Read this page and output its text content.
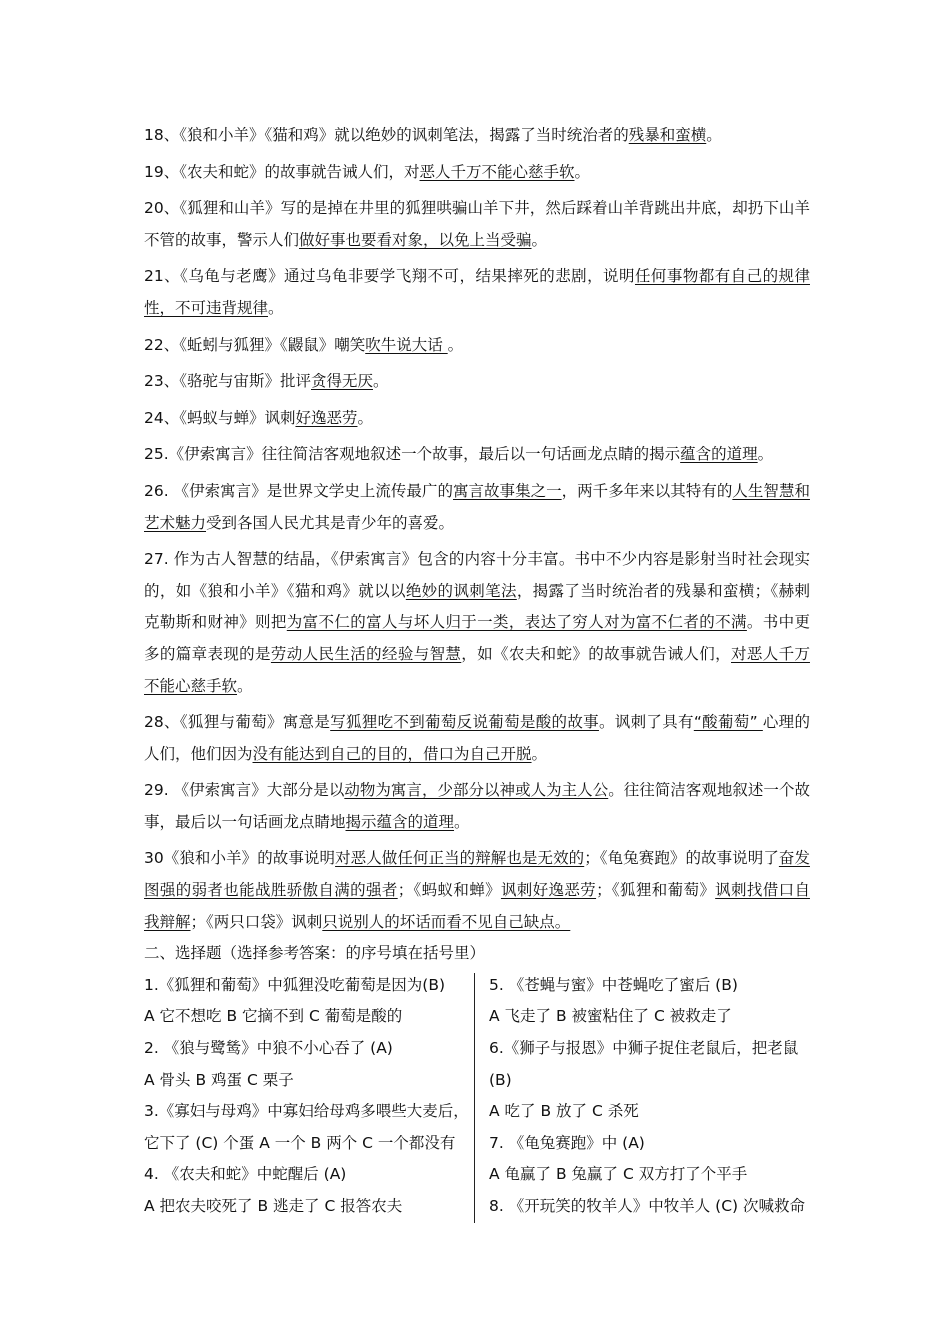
18、《狼和小羊》《猫和鸡》就以绝妙的讽刺笔法，揭露了当时统治者的残暴和蛮横。

19、《农夫和蛇》的故事就告诫人们，对恶人千万不能心慈手软。

20、《狐狸和山羊》写的是掉在井里的狐狸哄骗山羊下井，然后踩着山羊背跳出井底，却扔下山羊不管的故事，警示人们做好事也要看对象，以免上当受骗。

21、《乌龟与老鹰》通过乌龟非要学飞翔不可，结果摔死的悲剧，说明任何事物都有自己的规律性，不可违背规律。

22、《蚯蚓与狐狸》《鼹鼠》嘲笑吹牛说大话 。

23、《骆驼与宙斯》批评贪得无厌。

24、《蚂蚁与蝉》讽刺好逸恶劳。

25.《伊索寓言》往往简洁客观地叙述一个故事，最后以一句话画龙点睛的揭示蕴含的道理。

26. 《伊索寓言》是世界文学史上流传最广的寓言故事集之一，两千多年来以其特有的人生智慧和艺术魅力受到各国人民尤其是青少年的喜爱。

27. 作为古人智慧的结晶，《伊索寓言》包含的内容十分丰富。书中不少内容是影射当时社会现实的，如《狼和小羊》《猫和鸡》就以以绝妙的讽刺笔法，揭露了当时统治者的残暴和蛮横；《赫剌克勒斯和财神》则把为富不仁的富人与坏人归于一类，表达了穷人对为富不仁者的不满。书中更多的篇章表现的是劳动人民生活的经验与智慧，如《农夫和蛇》的故事就告诫人们，对恶人千万不能心慈手软。

28、《狐狸与葡萄》寓意是写狐狸吃不到葡萄反说葡萄是酸的故事。讽刺了具有“酸葡萄” 心理的人们，他们因为没有能达到自己的目的，借口为自己开脱。

29. 《伊索寓言》大部分是以动物为寓言，少部分以神或人为主人公。往往简洁客观地叙述一个故事，最后以一句话画龙点睛地揭示蕴含的道理。

30《狼和小羊》的故事说明对恶人做任何正当的辩解也是无效的；《龟兔赛跑》的故事说明了奋发图强的弱者也能战胜骄傲自满的强者；《蚂蚁和蝉》讽刺好逸恶劳；《狐狸和葡萄》讽刺找借口自我辩解；《两只口袋》讽刺只说别人的坏话而看不见自己缺点。

二、选择题（选择参考答案：的序号填在括号里）

1.《狐狸和葡萄》中狐狸没吃葡萄是因为(B)
A 它不想吃 B 它摘不到 C 葡萄是酸的
2. 《狼与鹭鸶》中狼不小心吞了 (A)
A 骨头 B 鸡蛋 C 栗子
3.《寡妇与母鸡》中寡妇给母鸡多喂些大麦后，它下了 (C) 个蛋 A 一个 B 两个 C 一个都没有
4. 《农夫和蛇》中蛇醒后 (A)
A 把农夫咬死了 B 逃走了 C 报答农夫
5. 《苍蝇与蜜》中苍蝇吃了蜜后 (B)
A 飞走了 B 被蜜粘住了 C 被救走了
6.《狮子与报恩》中狮子捉住老鼠后，把老鼠 (B)
A 吃了 B 放了 C 杀死
7. 《龟兔赛跑》中 (A)
A 龟赢了 B 兔赢了 C 双方打了个平手
8. 《开玩笑的牧羊人》中牧羊人 (C) 次喊救命
